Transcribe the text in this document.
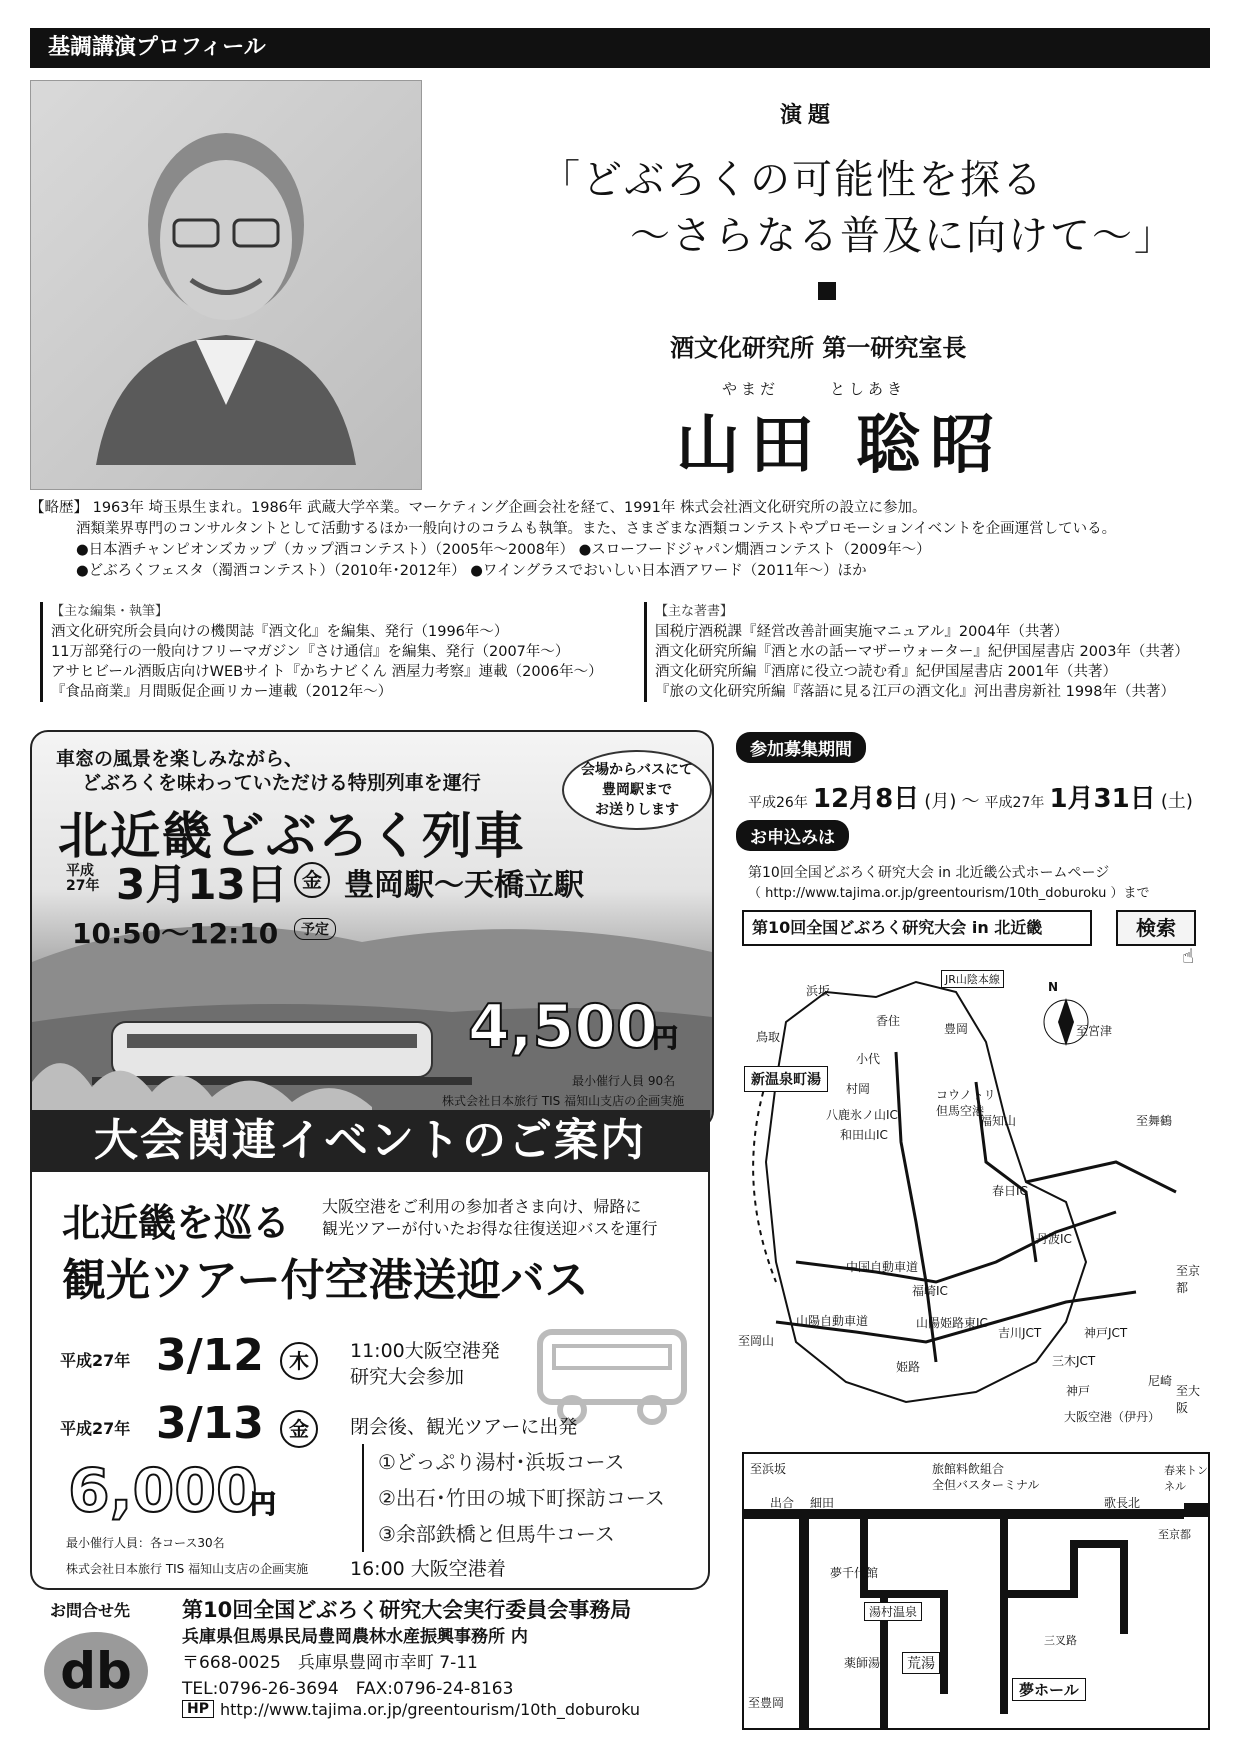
基調講演プロフィール
演題
「どぶろくの可能性を探る
〜さらなる普及に向けて〜」
酒文化研究所 第一研究室長
やまだ	としあき
山田 聡昭
【略歴】 1963年 埼玉県生まれ。1986年 武蔵大学卒業。マーケティング企画会社を経て、1991年 株式会社酒文化研究所の設立に参加。
酒類業界専門のコンサルタントとして活動するほか一般向けのコラムも執筆。また、さまざまな酒類コンテストやプロモーションイベントを企画運営している。
●日本酒チャンピオンズカップ（カップ酒コンテスト）（2005年〜2008年） ●スローフードジャパン燗酒コンテスト（2009年〜）
●どぶろくフェスタ（濁酒コンテスト）（2010年･2012年） ●ワイングラスでおいしい日本酒アワード（2011年〜）ほか
【主な編集・執筆】
酒文化研究所会員向けの機関誌『酒文化』を編集、発行（1996年〜）
11万部発行の一般向けフリーマガジン『さけ通信』を編集、発行（2007年〜）
アサヒビール酒販店向けWEBサイト『かちナビくん 酒屋力考察』連載（2006年〜）
『食品商業』月間販促企画リカー連載（2012年〜）
【主な著書】
国税庁酒税課『経営改善計画実施マニュアル』2004年（共著）
酒文化研究所編『酒と水の話ーマザーウォーター』紀伊国屋書店 2003年（共著）
酒文化研究所編『酒席に役立つ読む肴』紀伊国屋書店 2001年（共著）
『旅の文化研究所編『落語に見る江戸の酒文化』河出書房新社 1998年（共著）
車窓の風景を楽しみながら、
どぶろくを味わっていただける特別列車を運行
会場からバスにて
豊岡駅まで
お送りします
北近畿どぶろく列車
平成27年 3月13日 金 豊岡駅〜天橋立駅
10:50〜12:10	予定
4,500
円
最小催行人員 90名
株式会社日本旅行 TIS 福知山支店の企画実施
大会関連イベントのご案内
北近畿を巡る
観光ツアー付空港送迎バス
大阪空港をご利用の参加者さま向け、帰路に
観光ツアーが付いたお得な往復送迎バスを運行
平成27年 3/12	木	11:00大阪空港発
研究大会参加
平成27年 3/13	金	閉会後、観光ツアーに出発
①どっぷり湯村･浜坂コース
②出石･竹田の城下町探訪コース
③余部鉄橋と但馬牛コース
16:00 大阪空港着
6,000
円
最小催行人員：各コース30名
株式会社日本旅行 TIS 福知山支店の企画実施
参加募集期間
平成26年 12月8日 (月) 〜 平成27年 1月31日 (土)
お申込みは
第10回全国どぶろく研究大会 in 北近畿公式ホームページ
（ http://www.tajima.or.jp/greentourism/10th_doburoku ）まで
第10回全国どぶろく研究大会 in 北近畿	検索
☝
N
新温泉町湯
鳥取
浜坂
香住
JR山陰本線
豊岡
小代
村岡	コウノトリ
但馬空港
八鹿氷ノ山IC
和田山IC
福知山
春日IC
丹波IC
中国自動車道
福崎IC
山陽自動車道	山陽姫路東IC
吉川JCT	神戸JCT
至岡山
姫路	三木JCT
神戸
尼崎
至大阪
大阪空港（伊丹）
至京都
至宮津
至舞鶴
至浜坂	旅館料飲組合
全但バスターミナル
出合 細田	歌長北
春来トンネル
至京都
夢千代館
湯村温泉
荒湯
夢ホール
至豊岡
薬師湯
三叉路
お問合せ先
db
第10回全国どぶろく研究大会実行委員会事務局
兵庫県但馬県民局豊岡農林水産振興事務所 内
〒668-0025　兵庫県豊岡市幸町 7-11
TEL:0796-26-3694　FAX:0796-24-8163
HP http://www.tajima.or.jp/greentourism/10th_doburoku
